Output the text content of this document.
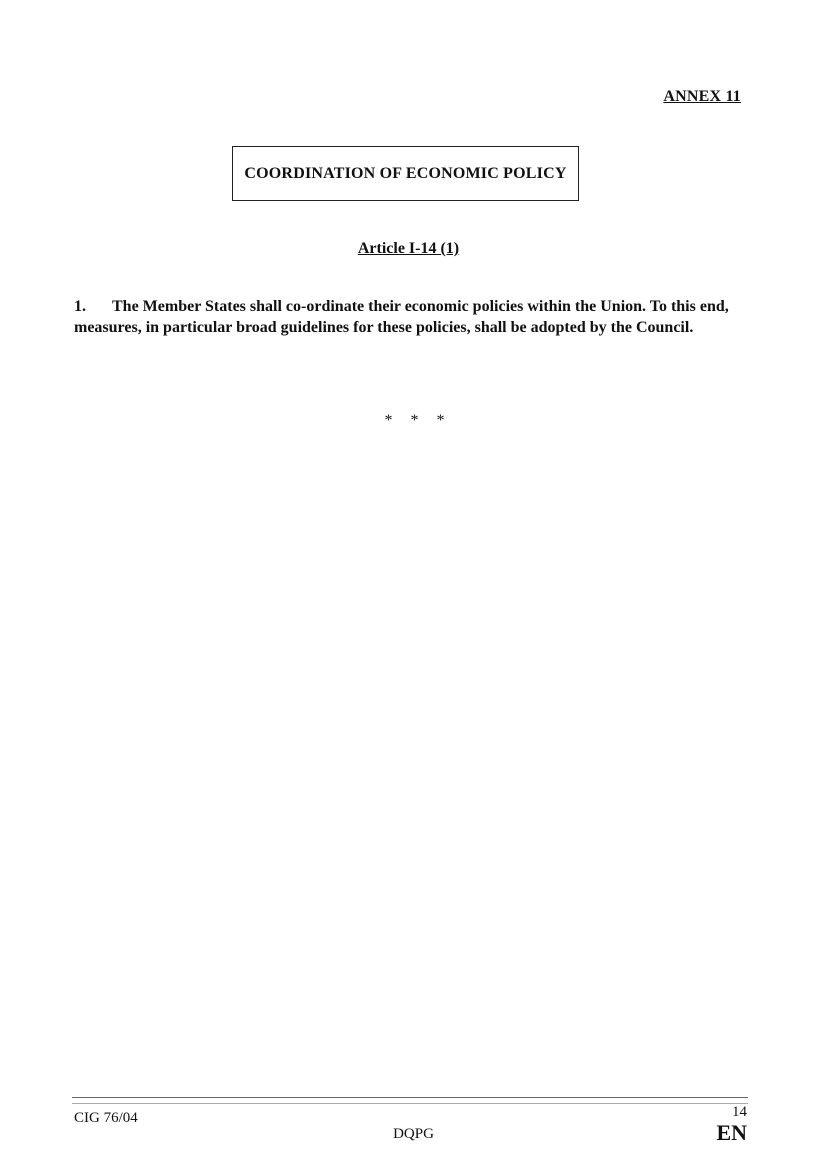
ANNEX 11
COORDINATION OF ECONOMIC POLICY
Article I-14 (1)
1. The Member States shall co-ordinate their economic policies within the Union. To this end, measures, in particular broad guidelines for these policies, shall be adopted by the Council.
* * *
CIG 76/04
DQPG
14
EN
